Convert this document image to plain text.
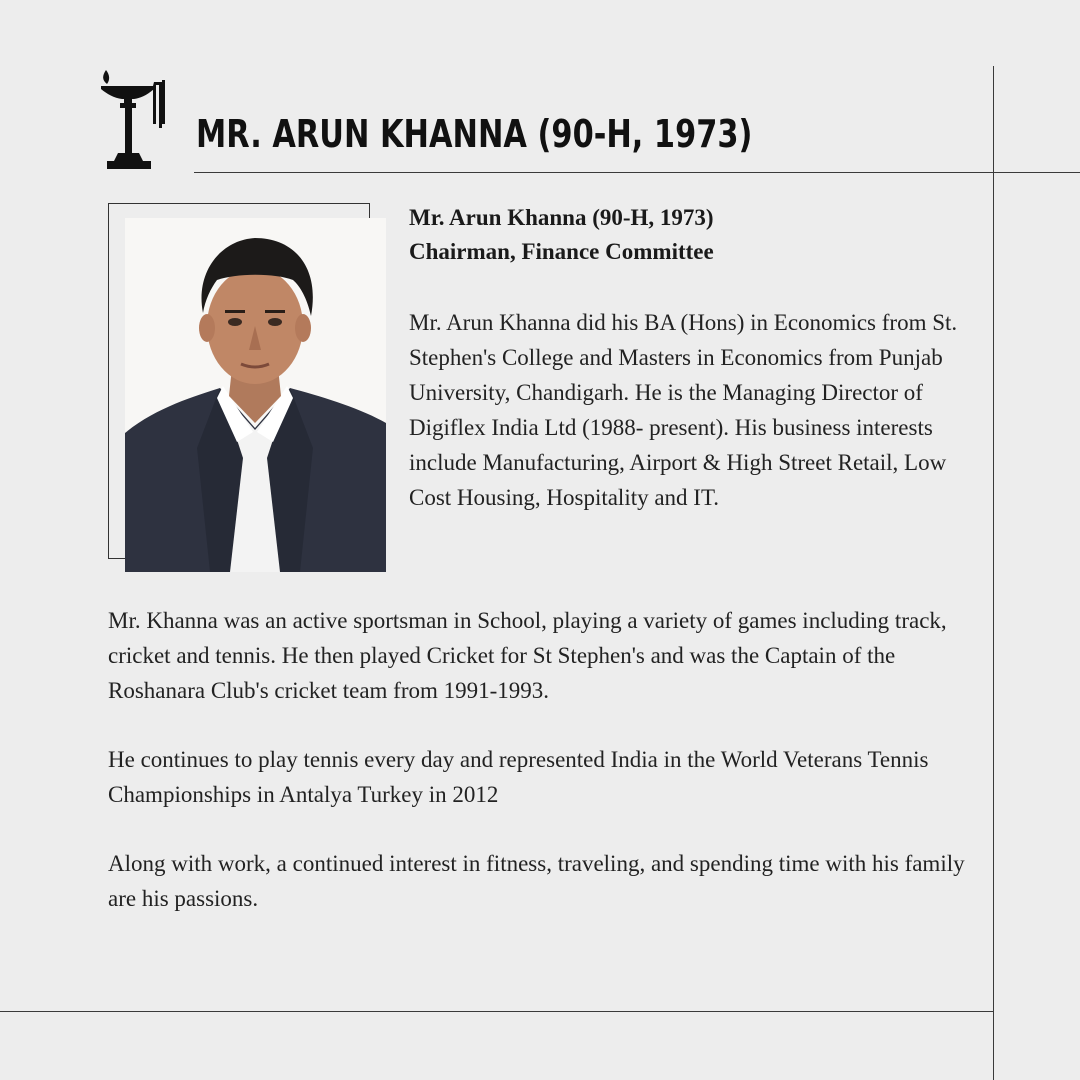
MR. ARUN KHANNA (90-H, 1973)
Mr. Arun Khanna (90-H, 1973)
Chairman, Finance Committee

Mr. Arun Khanna did his BA (Hons) in Economics from St. Stephen's College and Masters in Economics from Punjab University, Chandigarh. He is the Managing Director of Digiflex India Ltd (1988- present). His business interests include Manufacturing, Airport & High Street Retail, Low Cost Housing, Hospitality and IT.

Mr. Khanna was an active sportsman in School, playing a variety of games including track, cricket and tennis. He then played Cricket for St Stephen's and was the Captain of the Roshanara Club's cricket team from 1991-1993.

He continues to play tennis every day and represented India in the World Veterans Tennis Championships in Antalya Turkey in 2012

Along with work, a continued interest in fitness, traveling, and spending time with his family are his passions.
